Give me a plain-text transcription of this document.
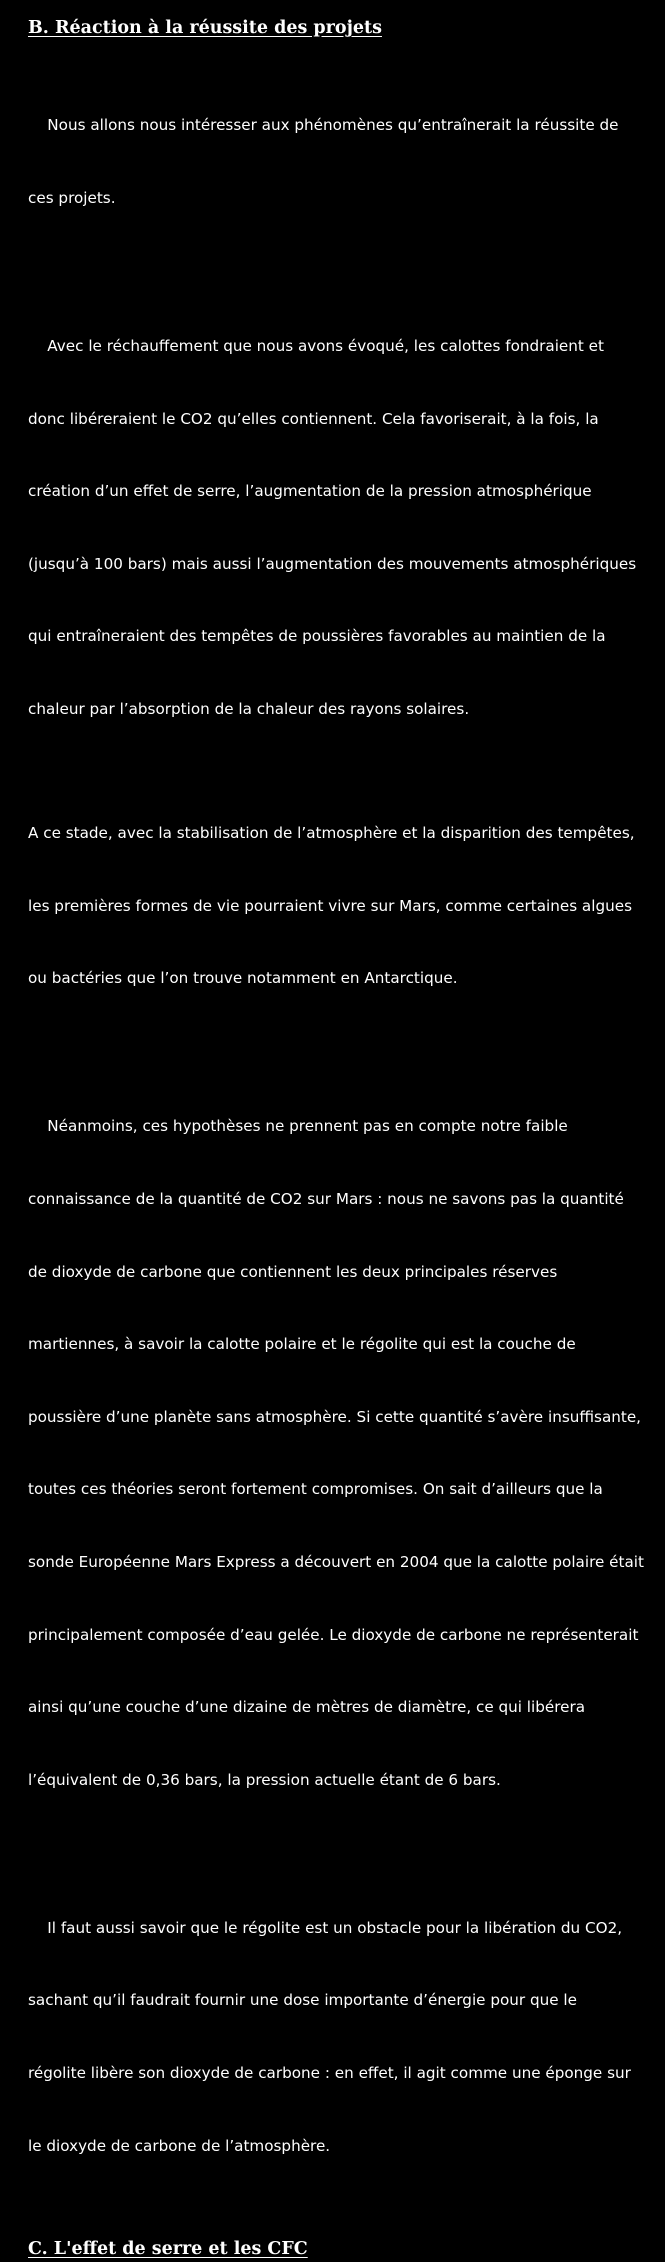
B. Réaction à la réussite des projets

Nous allons nous intéresser aux phénomènes qu’entraînerait la réussite de

ces projets.

Avec le réchauffement que nous avons évoqué, les calottes fondraient et

donc libéreraient le CO2 qu’elles contiennent. Cela favoriserait, à la fois, la

création d’un effet de serre, l’augmentation de la pression atmosphérique

(jusqu’à 100 bars) mais aussi l’augmentation des mouvements atmosphériques

qui entraîneraient des tempêtes de poussières favorables au maintien de la

chaleur par l’absorption de la chaleur des rayons solaires.

A ce stade, avec la stabilisation de l’atmosphère et la disparition des tempêtes,

les premières formes de vie pourraient vivre sur Mars, comme certaines algues

ou bactéries que l’on trouve notamment en Antarctique.

Néanmoins, ces hypothèses ne prennent pas en compte notre faible

connaissance de la quantité de CO2 sur Mars : nous ne savons pas la quantité

de dioxyde de carbone que contiennent les deux principales réserves

martiennes, à savoir la calotte polaire et le régolite qui est la couche de

poussière d’une planète sans atmosphère. Si cette quantité s’avère insuffisante,

toutes ces théories seront fortement compromises. On sait d’ailleurs que la

sonde Européenne Mars Express a découvert en 2004 que la calotte polaire était

principalement composée d’eau gelée. Le dioxyde de carbone ne représenterait

ainsi qu’une couche d’une dizaine de mètres de diamètre, ce qui libérera

l’équivalent de 0,36 bars, la pression actuelle étant de 6 bars.

Il faut aussi savoir que le régolite est un obstacle pour la libération du CO2,

sachant qu’il faudrait fournir une dose importante d’énergie pour que le

régolite libère son dioxyde de carbone : en effet, il agit comme une éponge sur

le dioxyde de carbone de l’atmosphère.

C. L'effet de serre et les CFC
